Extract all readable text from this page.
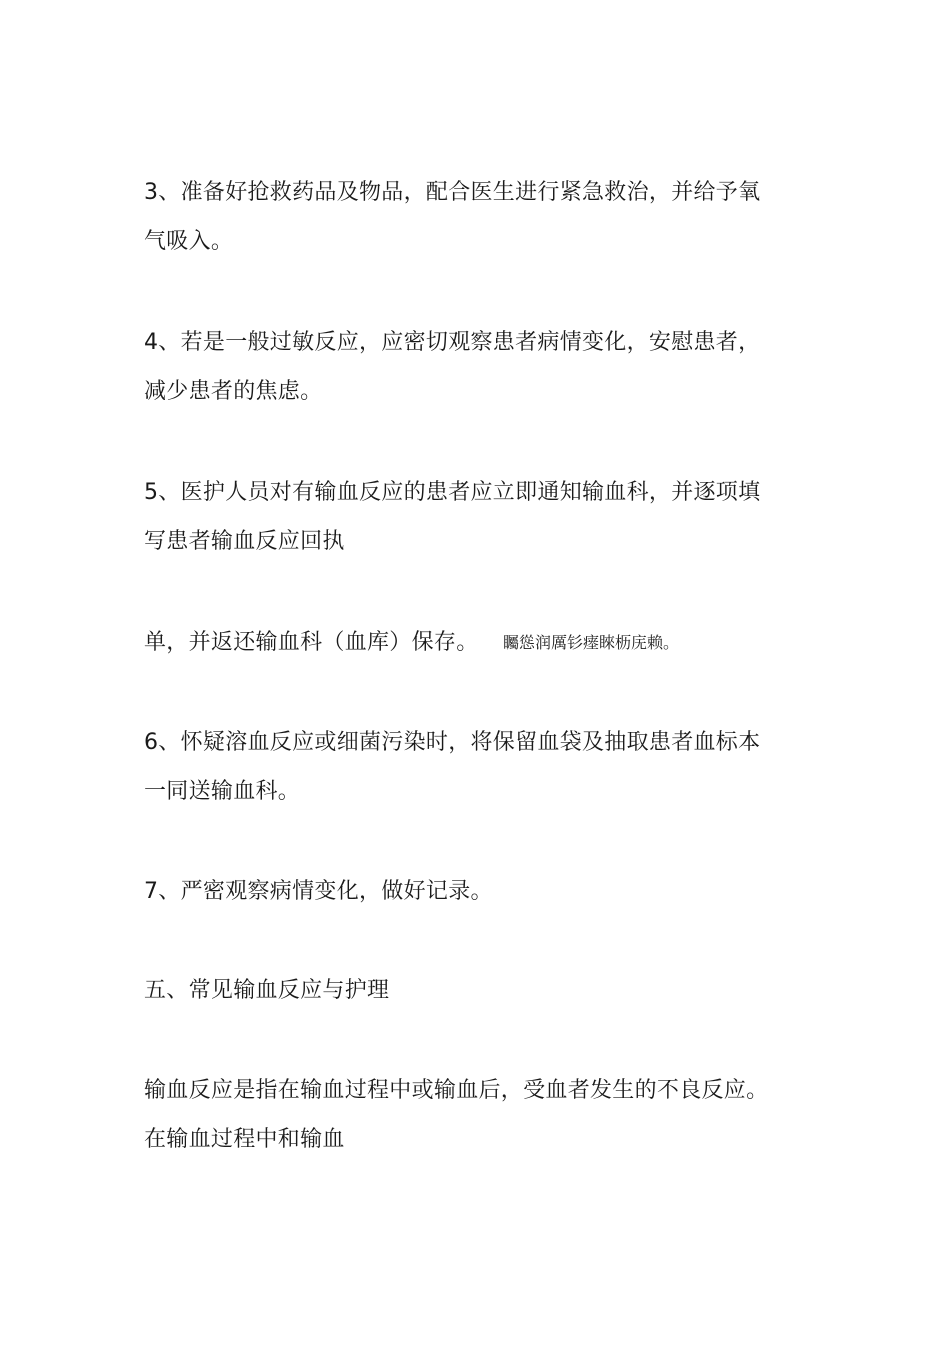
3、准备好抢救药品及物品，配合医生进行紧急救治，并给予氧
气吸入。
4、若是一般过敏反应，应密切观察患者病情变化，安慰患者，
减少患者的焦虑。
5、医护人员对有输血反应的患者应立即通知输血科，并逐项填
写患者输血反应回执
单，并返还输血科（血库）保存。 矚慫润厲钐瘗睞枥庑赖。
6、怀疑溶血反应或细菌污染时，将保留血袋及抽取患者血标本
一同送输血科。
7、严密观察病情变化，做好记录。
五、常见输血反应与护理
输血反应是指在输血过程中或输血后，受血者发生的不良反应。
在输血过程中和输血
